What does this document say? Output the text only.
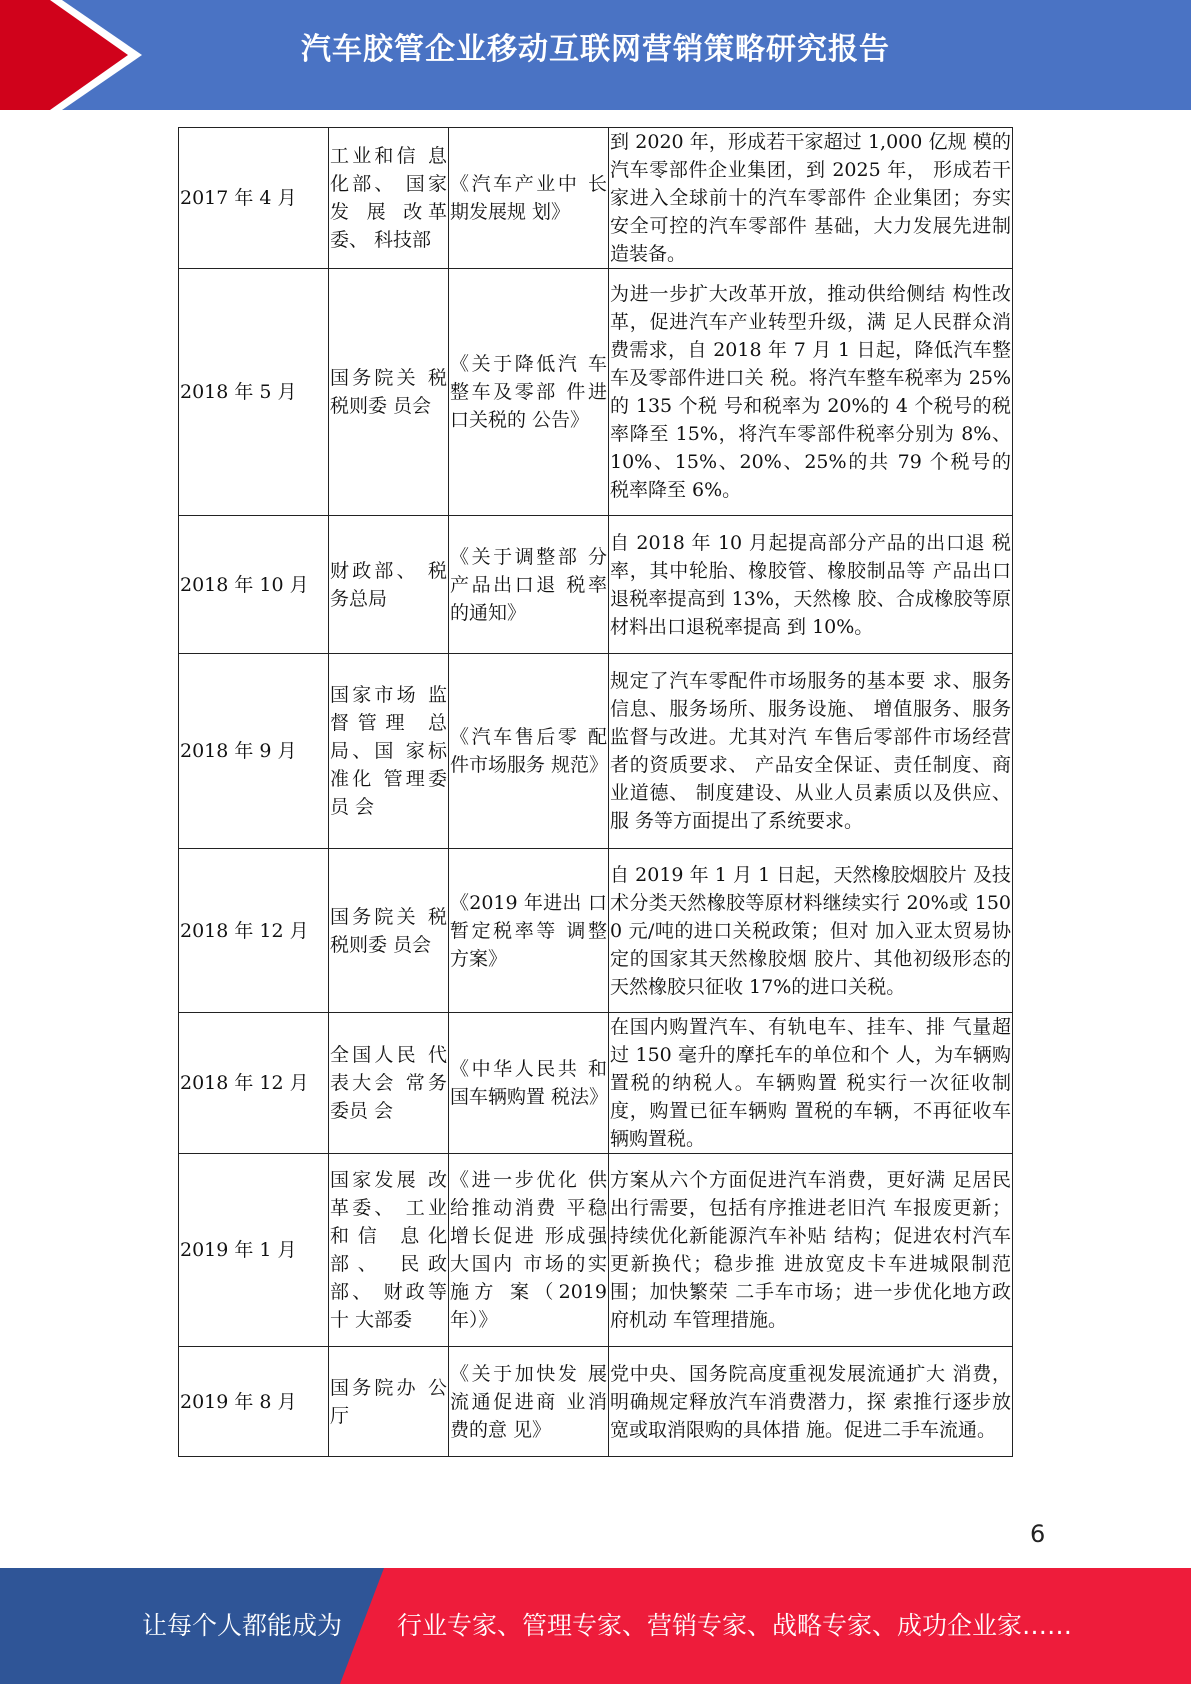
汽车胶管企业移动互联网营销策略研究报告
2017 年 4 月	工业和信 息化部、 国家发 展 改革委、 科技部	《汽车产业中 长期发展规 划》	到 2020 年，形成若干家超过 1,000 亿规 模的汽车零部件企业集团，到 2025 年， 形成若干家进入全球前十的汽车零部件 企业集团；夯实安全可控的汽车零部件 基础，大力发展先进制造装备。
2018 年 5 月	国务院关 税税则委 员会	《关于降低汽 车整车及零部 件进口关税的 公告》	为进一步扩大改革开放，推动供给侧结 构性改革，促进汽车产业转型升级，满 足人民群众消费需求，自 2018 年 7 月 1 日起，降低汽车整车及零部件进口关 税。将汽车整车税率为 25%的 135 个税 号和税率为 20%的 4 个税号的税率降至 15%，将汽车零部件税率分别为 8%、 10%、15%、20%、25%的共 79 个税号的 税率降至 6%。
2018 年 10 月	财政部、 税务总局	《关于调整部 分产品出口退 税率的通知》	自 2018 年 10 月起提高部分产品的出口退 税率，其中轮胎、橡胶管、橡胶制品等 产品出口退税率提高到 13%，天然橡 胶、合成橡胶等原材料出口退税率提高 到 10%。
2018 年 9 月	国家市场 监督管理 总局、国 家标准化 管理委员 会	《汽车售后零 配件市场服务 规范》	规定了汽车零配件市场服务的基本要 求、服务信息、服务场所、服务设施、 增值服务、服务监督与改进。尤其对汽 车售后零部件市场经营者的资质要求、 产品安全保证、责任制度、商业道德、 制度建设、从业人员素质以及供应、服 务等方面提出了系统要求。
2018 年 12 月	国务院关 税税则委 员会	《2019 年进出 口暂定税率等 调整方案》	自 2019 年 1 月 1 日起，天然橡胶烟胶片 及技术分类天然橡胶等原材料继续实行 20%或 1500 元/吨的进口关税政策；但对 加入亚太贸易协定的国家其天然橡胶烟 胶片、其他初级形态的天然橡胶只征收 17%的进口关税。
2018 年 12 月	全国人民 代表大会 常务委员 会	《中华人民共 和国车辆购置 税法》	在国内购置汽车、有轨电车、挂车、排 气量超过 150 毫升的摩托车的单位和个 人，为车辆购置税的纳税人。车辆购置 税实行一次征收制度，购置已征车辆购 置税的车辆，不再征收车辆购置税。
2019 年 1 月	国家发展 改革委、 工业和信 息化部、 民政部、 财政等十 大部委	《进一步优化 供给推动消费 平稳增长促进 形成强大国内 市场的实施方 案（2019 年）》	方案从六个方面促进汽车消费，更好满 足居民出行需要，包括有序推进老旧汽 车报废更新；持续优化新能源汽车补贴 结构；促进农村汽车更新换代；稳步推 进放宽皮卡车进城限制范围；加快繁荣 二手车市场；进一步优化地方政府机动 车管理措施。
2019 年 8 月	国务院办 公厅	《关于加快发 展流通促进商 业消费的意 见》	党中央、国务院高度重视发展流通扩大 消费，明确规定释放汽车消费潜力，探 索推行逐步放宽或取消限购的具体措 施。促进二手车流通。
6
让每个人都能成为 行业专家、管理专家、营销专家、战略专家、成功企业家……
